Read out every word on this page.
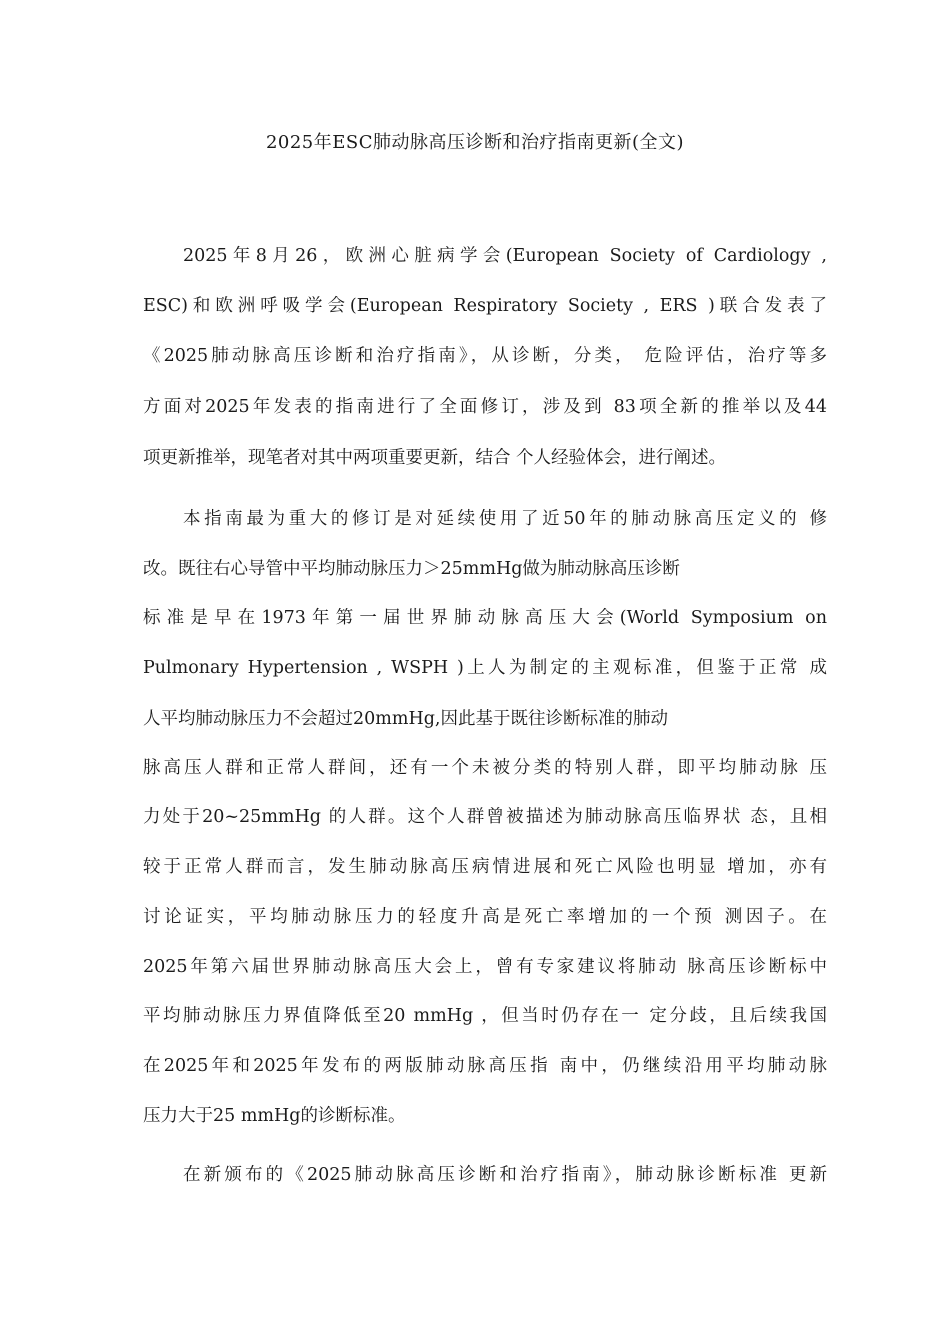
2025年ESC肺动脉高压诊断和治疗指南更新(全文)
2025年8月26，欧洲心脏病学会(European Society of Cardiology ,
ESC)和欧洲呼吸学会(European Respiratory Society , ERS )联合发表了
《2025肺动脉高压诊断和治疗指南》，从诊断，分类， 危险评估，治疗等多
方面对2025年发表的指南进行了全面修订，涉及到 83项全新的推举以及44
项更新推举，现笔者对其中两项重要更新，结合 个人经验体会，进行阐述。
本指南最为重大的修订是对延续使用了近50年的肺动脉高压定义的 修
改。既往右心导管中平均肺动脉压力＞25mmHg做为肺动脉高压诊断
标准是早在1973年第一届世界肺动脉高压大会(World Symposium on
Pulmonary Hypertension , WSPH )上人为制定的主观标准，但鉴于正常 成
人平均肺动脉压力不会超过20mmHg,因此基于既往诊断标准的肺动
脉高压人群和正常人群间，还有一个未被分类的特别人群，即平均肺动脉 压
力处于20~25mmHg 的人群。这个人群曾被描述为肺动脉高压临界状 态，且相
较于正常人群而言，发生肺动脉高压病情进展和死亡风险也明显 增加，亦有
讨论证实，平均肺动脉压力的轻度升高是死亡率增加的一个预 测因子。在
2025年第六届世界肺动脉高压大会上，曾有专家建议将肺动 脉高压诊断标中
平均肺动脉压力界值降低至20 mmHg ，但当时仍存在一 定分歧，且后续我国
在2025年和2025年发布的两版肺动脉高压指 南中，仍继续沿用平均肺动脉
压力大于25 mmHg的诊断标准。
在新颁布的《2025肺动脉高压诊断和治疗指南》，肺动脉诊断标准 更新
